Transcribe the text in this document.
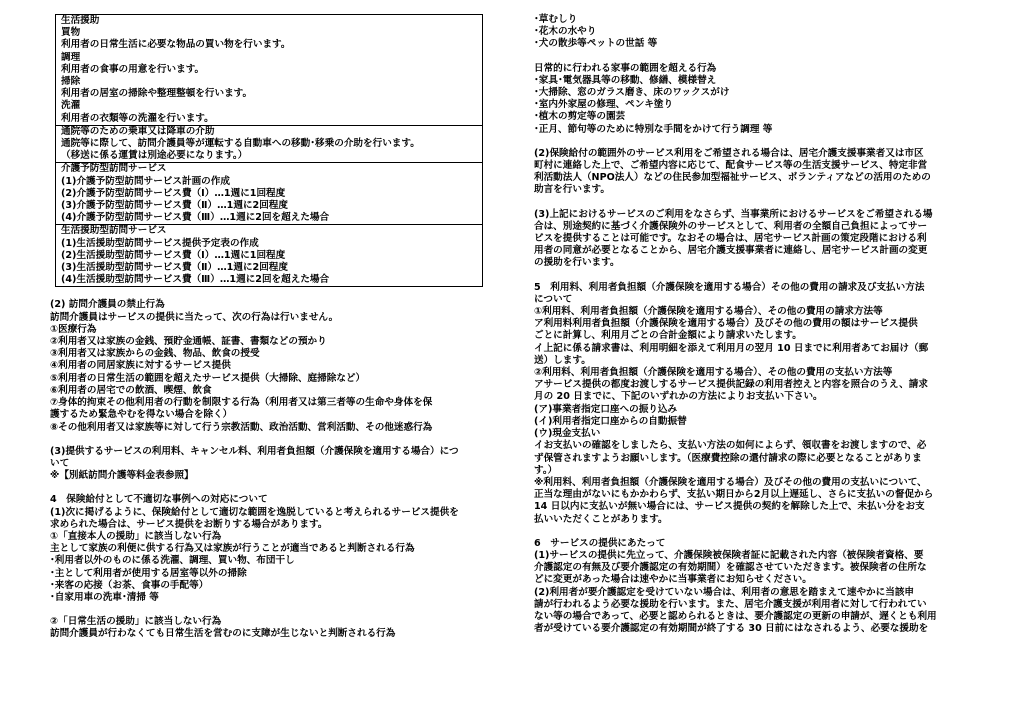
生活援助
買物
利用者の日常生活に必要な物品の買い物を行います。
調理
利用者の食事の用意を行います。
掃除
利用者の居室の掃除や整理整頓を行います。
洗濯
利用者の衣類等の洗濯を行います。

通院等のための乗車又は降車の介助
通院等に際して、訪問介護員等が運転する自動車への移動･移乗の介助を行います。
（移送に係る運賃は別途必要になります。）

介護予防型訪問サービス
(1)介護予防型訪問サービス計画の作成
(2)介護予防型訪問サービス費（Ⅰ）…1週に1回程度
(3)介護予防型訪問サービス費（Ⅱ）…1週に2回程度
(4)介護予防型訪問サービス費（Ⅲ）…1週に2回を超えた場合

生活援助型訪問サービス
(1)生活援助型訪問サービス提供予定表の作成
(2)生活援助型訪問サービス費（Ⅰ）…1週に1回程度
(3)生活援助型訪問サービス費（Ⅱ）…1週に2回程度
(4)生活援助型訪問サービス費（Ⅲ）…1週に2回を超えた場合
(2) 訪問介護員の禁止行為
訪問介護員はサービスの提供に当たって、次の行為は行いません。
①医療行為
②利用者又は家族の金銭、預貯金通帳、証書、書類などの預かり
③利用者又は家族からの金銭、物品、飲食の授受
④利用者の同居家族に対するサービス提供
⑤利用者の日常生活の範囲を超えたサービス提供（大掃除、庭掃除など）
⑥利用者の居宅での飲酒、喫煙、飲食
⑦身体的拘束その他利用者の行動を制限する行為（利用者又は第三者等の生命や身体を保
護するため緊急やむを得ない場合を除く）
⑧その他利用者又は家族等に対して行う宗教活動、政治活動、営利活動、その他迷惑行為
(3)提供するサービスの利用料、キャンセル料、利用者負担額（介護保険を適用する場合）につ
いて
※【別紙訪問介護等料金表参照】
4　保険給付として不適切な事例への対応について
(1)次に掲げるように、保険給付として適切な範囲を逸脱していると考えられるサービス提供を
求められた場合は、サービス提供をお断りする場合があります。
①「直接本人の援助」に該当しない行為
主として家族の利便に供する行為又は家族が行うことが適当であると判断される行為
･利用者以外のものに係る洗濯、調理、買い物、布団干し
･主として利用者が使用する居室等以外の掃除
･来客の応接（お茶、食事の手配等）
･自家用車の洗車･清掃 等
②「日常生活の援助」に該当しない行為
訪問介護員が行わなくても日常生活を営むのに支障が生じないと判断される行為
･草むしり
･花木の水やり
･犬の散歩等ペットの世話 等
日常的に行われる家事の範囲を超える行為
･家具･電気器具等の移動、修繕、模様替え
･大掃除、窓のガラス磨き、床のワックスがけ
･室内外家屋の修理、ペンキ塗り
･植木の剪定等の園芸
･正月、節句等のために特別な手間をかけて行う調理 等
(2)保険給付の範囲外のサービス利用をご希望される場合は、居宅介護支援事業者又は市区
町村に連絡した上で、ご希望内容に応じて、配食サービス等の生活支援サービス、特定非営
利活動法人（NPO法人）などの住民参加型福祉サービス、ボランティアなどの活用のための
助言を行います。
(3)上記におけるサービスのご利用をなさらず、当事業所におけるサービスをご希望される場
合は、別途契約に基づく介護保険外のサービスとして、利用者の全額自己負担によってサー
ビスを提供することは可能です。なおその場合は、居宅サービス計画の策定段階における利
用者の同意が必要となることから、居宅介護支援事業者に連絡し、居宅サービス計画の変更
の援助を行います。
5　利用料、利用者負担額（介護保険を適用する場合）その他の費用の請求及び支払い方法
について
①利用料、利用者負担額（介護保険を適用する場合）、その他の費用の請求方法等
ア利用料利用者負担額（介護保険を適用する場合）及びその他の費用の額はサービス提供
ごとに計算し、利用月ごとの合計金額により請求いたします。
イ上記に係る請求書は、利用明細を添えて利用月の翌月 10 日までに利用者あてお届け（郵
送）します。
②利用料、利用者負担額（介護保険を適用する場合）、その他の費用の支払い方法等
アサービス提供の都度お渡しするサービス提供記録の利用者控えと内容を照合のうえ、請求
月の 20 日までに、下記のいずれかの方法によりお支払い下さい。
(ア)事業者指定口座への振り込み
(イ)利用者指定口座からの自動振替
(ウ)現金支払い
イお支払いの確認をしましたら、支払い方法の如何によらず、領収書をお渡しますので、必
ず保管されますようお願いします。（医療費控除の還付請求の際に必要となることがありま
す。）
※利用料、利用者負担額（介護保険を適用する場合）及びその他の費用の支払いについて、
正当な理由がないにもかかわらず、支払い期日から2月以上遅延し、さらに支払いの督促から
14 日以内に支払いが無い場合には、サービス提供の契約を解除した上で、未払い分をお支
払いいただくことがあります。
6　サービスの提供にあたって
(1)サービスの提供に先立って、介護保険被保険者証に記載された内容（被保険者資格、要
介護認定の有無及び要介護認定の有効期間）を確認させていただきます。被保険者の住所な
どに変更があった場合は速やかに当事業者にお知らせください。
(2)利用者が要介護認定を受けていない場合は、利用者の意思を踏まえて速やかに当該申
請が行われるよう必要な援助を行います。また、居宅介護支援が利用者に対して行われてい
ない等の場合であって、必要と認められるときは、要介護認定の更新の申請が、遅くとも利用
者が受けている要介護認定の有効期間が終了する 30 日前にはなされるよう、必要な援助を
